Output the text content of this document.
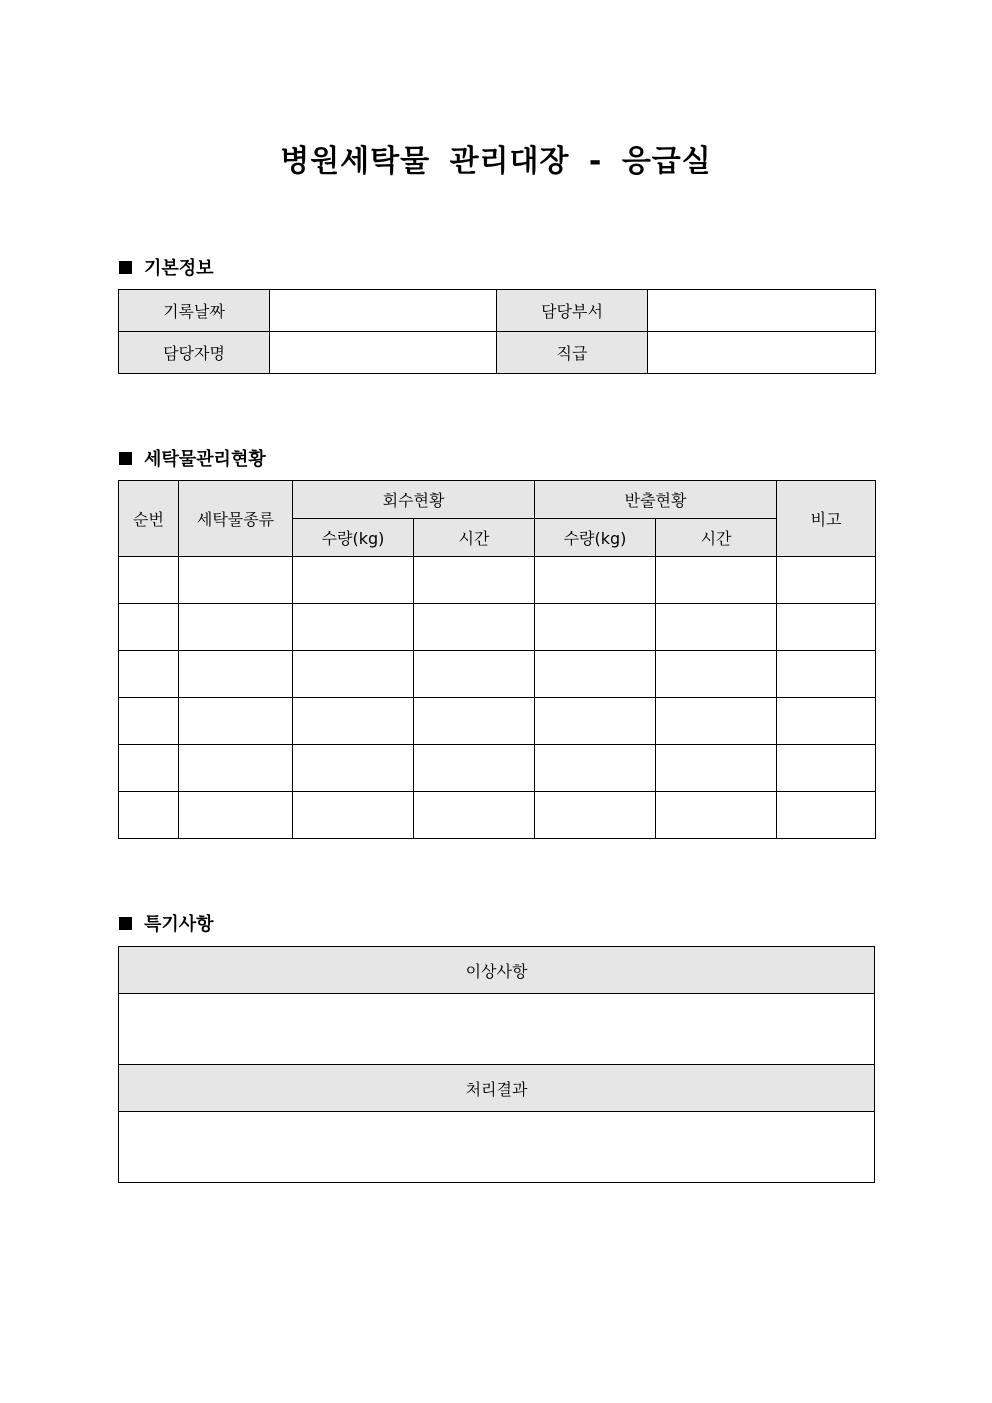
병원세탁물 관리대장 - 응급실
기본정보
기록날짜		담당부서	
담당자명		직급	
세탁물관리현황
순번	세탁물종류	회수현황		반출현황		비고
		수량(kg)	시간	수량(kg)	시간	

특기사항
이상사항

처리결과
